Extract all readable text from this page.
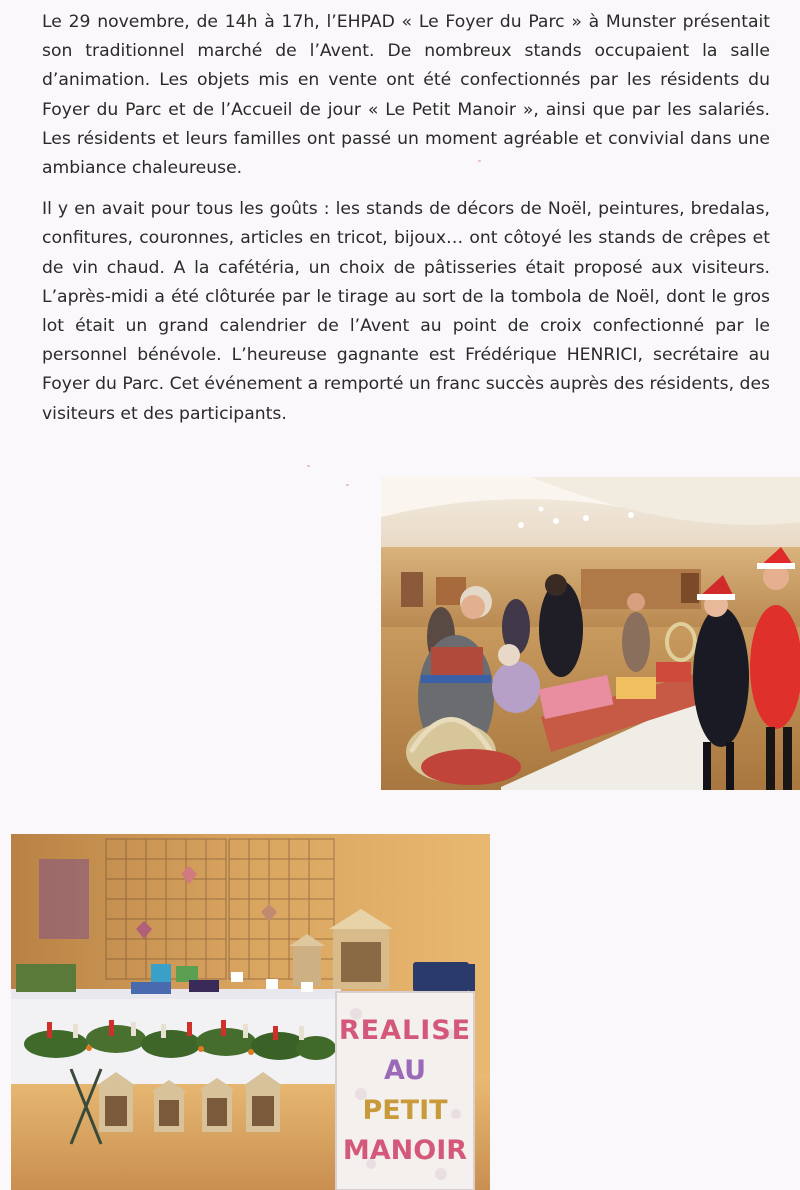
Le 29 novembre, de 14h à 17h, l’EHPAD « Le Foyer du Parc » à Munster présentait son traditionnel marché de l’Avent. De nombreux stands occupaient la salle d’animation. Les objets mis en vente ont été confectionnés par les résidents du Foyer du Parc et de l’Accueil de jour « Le Petit Manoir », ainsi que par les salariés. Les résidents et leurs familles ont passé un moment agréable et convivial dans une ambiance chaleureuse.

Il y en avait pour tous les goûts : les stands de décors de Noël, peintures, bredalas, confitures, couronnes, articles en tricot, bijoux… ont côtoyé les stands de crêpes et de vin chaud. A la cafétéria, un choix de pâtisseries était proposé aux visiteurs. L’après-midi a été clôturée par le tirage au sort de la tombola de Noël, dont le gros lot était un grand calendrier de l’Avent au point de croix confectionné par le personnel bénévole. L’heureuse gagnante est Frédérique HENRICI, secrétaire au Foyer du Parc. Cet événement a remporté un franc succès auprès des résidents, des visiteurs et des participants.

REALISE
AU
PETIT
MANOIR
